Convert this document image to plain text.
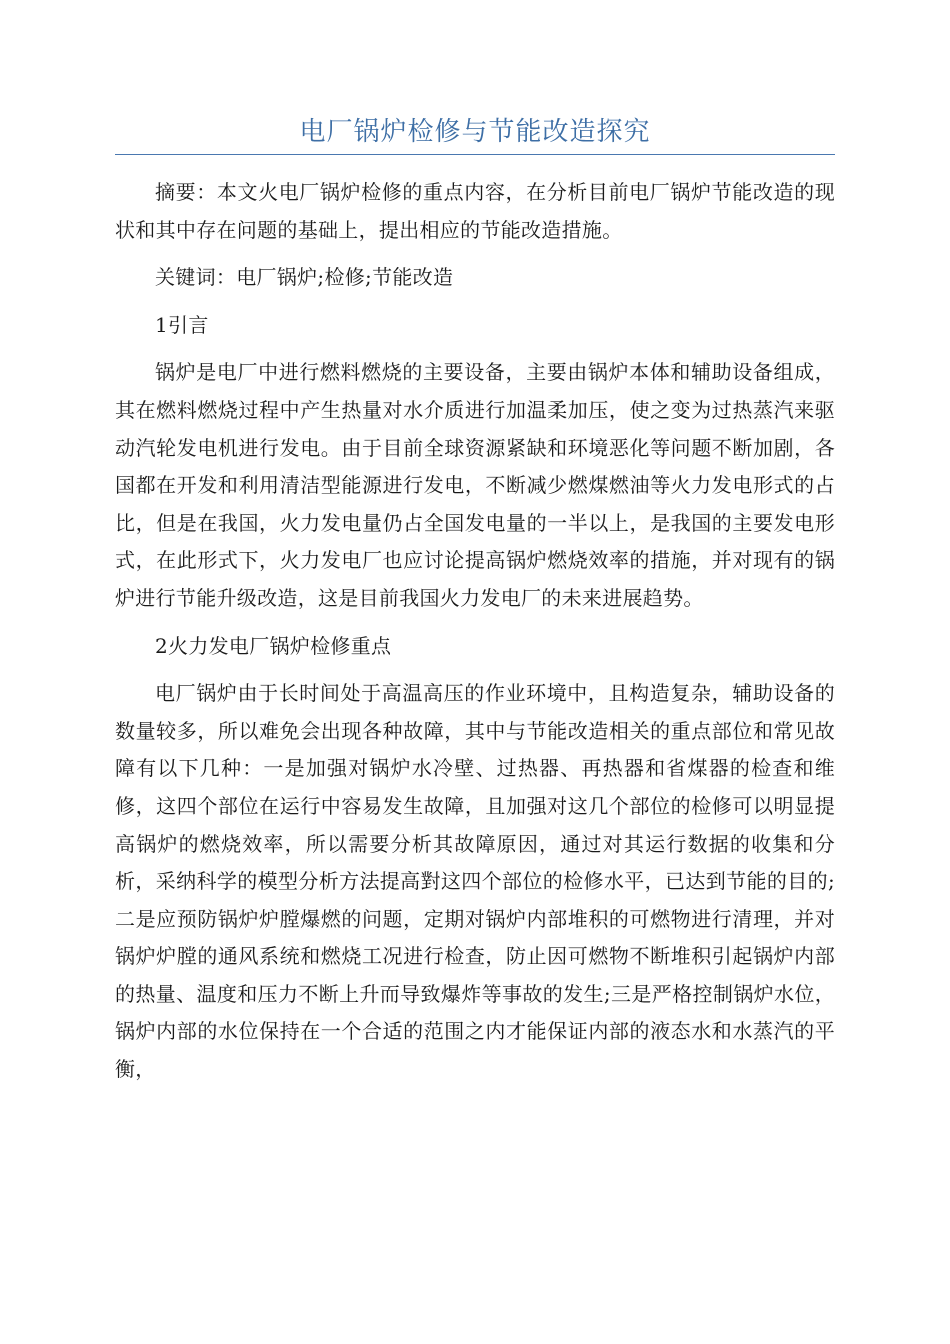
电厂锅炉检修与节能改造探究

摘要：本文火电厂锅炉检修的重点内容，在分析目前电厂锅炉节能改造的现状和其中存在问题的基础上，提出相应的节能改造措施。

关键词：电厂锅炉;检修;节能改造

1引言

锅炉是电厂中进行燃料燃烧的主要设备，主要由锅炉本体和辅助设备组成，其在燃料燃烧过程中产生热量对水介质进行加温柔加压，使之变为过热蒸汽来驱动汽轮发电机进行发电。由于目前全球资源紧缺和环境恶化等问题不断加剧，各国都在开发和利用清洁型能源进行发电，不断减少燃煤燃油等火力发电形式的占比，但是在我国，火力发电量仍占全国发电量的一半以上，是我国的主要发电形式，在此形式下，火力发电厂也应讨论提高锅炉燃烧效率的措施，并对现有的锅炉进行节能升级改造，这是目前我国火力发电厂的未来进展趋势。

2火力发电厂锅炉检修重点

电厂锅炉由于长时间处于高温高压的作业环境中，且构造复杂，辅助设备的数量较多，所以难免会出现各种故障，其中与节能改造相关的重点部位和常见故障有以下几种：一是加强对锅炉水冷壁、过热器、再热器和省煤器的检查和维修，这四个部位在运行中容易发生故障，且加强对这几个部位的检修可以明显提高锅炉的燃烧效率，所以需要分析其故障原因，通过对其运行数据的收集和分析，采纳科学的模型分析方法提高對这四个部位的检修水平，已达到节能的目的;二是应预防锅炉炉膛爆燃的问题，定期对锅炉内部堆积的可燃物进行清理，并对锅炉炉膛的通风系统和燃烧工况进行检查，防止因可燃物不断堆积引起锅炉内部的热量、温度和压力不断上升而导致爆炸等事故的发生;三是严格控制锅炉水位，锅炉内部的水位保持在一个合适的范围之内才能保证内部的液态水和水蒸汽的平衡，
